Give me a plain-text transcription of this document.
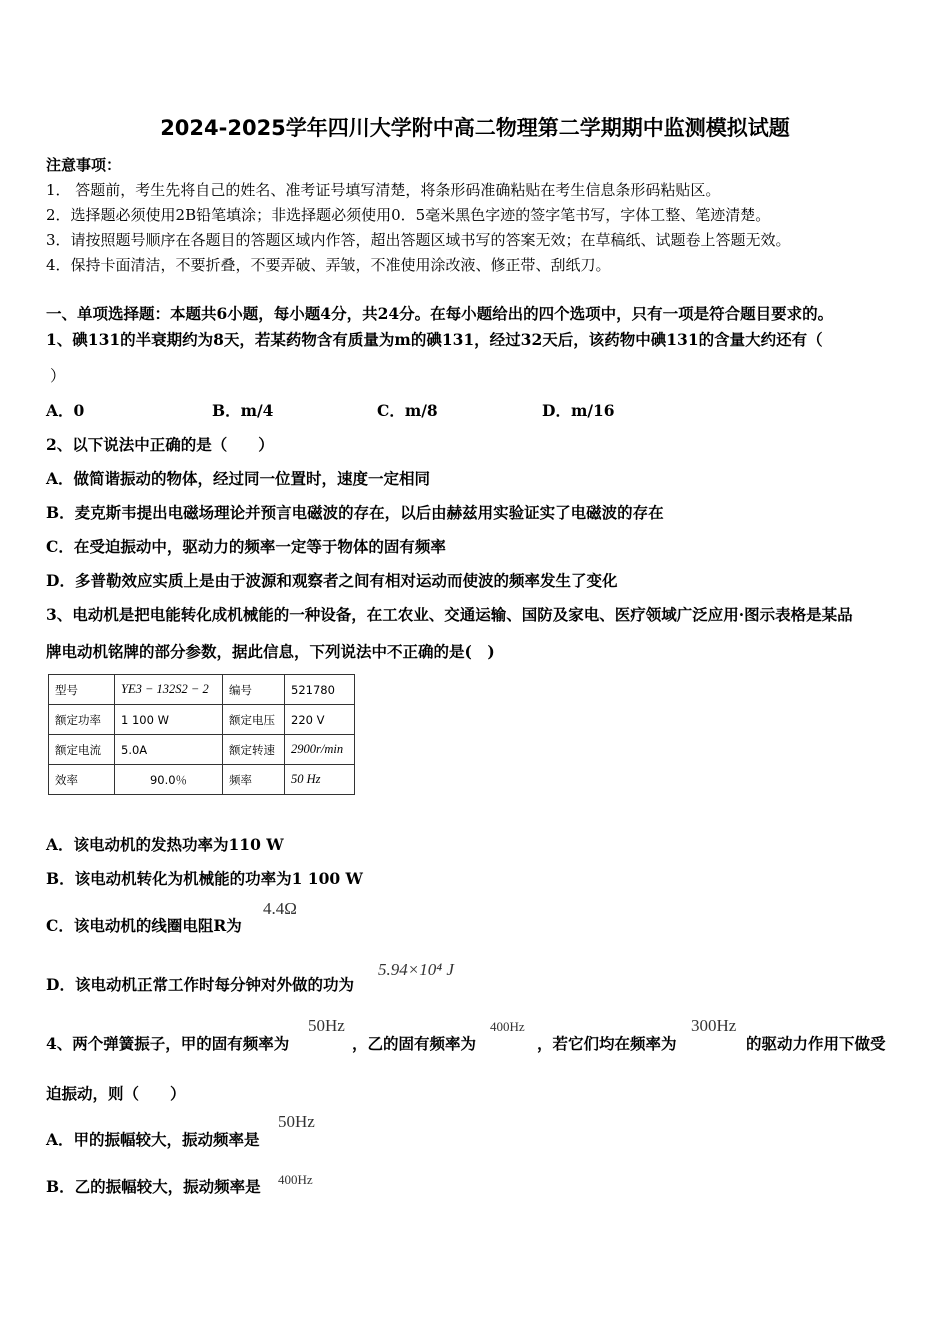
2024-2025学年四川大学附中高二物理第二学期期中监测模拟试题
注意事项：
1． 答题前，考生先将自己的姓名、准考证号填写清楚，将条形码准确粘贴在考生信息条形码粘贴区。
2．选择题必须使用2B铅笔填涂；非选择题必须使用0．5毫米黑色字迹的签字笔书写，字体工整、笔迹清楚。
3．请按照题号顺序在各题目的答题区域内作答，超出答题区域书写的答案无效；在草稿纸、试题卷上答题无效。
4．保持卡面清洁，不要折叠，不要弄破、弄皱，不准使用涂改液、修正带、刮纸刀。
一、单项选择题：本题共6小题，每小题4分，共24分。在每小题给出的四个选项中，只有一项是符合题目要求的。
1、碘131的半衰期约为8天，若某药物含有质量为m的碘131，经过32天后，该药物中碘131的含量大约还有（
）
A．0	B．m/4	C．m/8	D．m/16
2、以下说法中正确的是（　　）
A．做简谐振动的物体，经过同一位置时，速度一定相同
B．麦克斯韦提出电磁场理论并预言电磁波的存在，以后由赫兹用实验证实了电磁波的存在
C．在受迫振动中，驱动力的频率一定等于物体的固有频率
D．多普勒效应实质上是由于波源和观察者之间有相对运动而使波的频率发生了变化
3、电动机是把电能转化成机械能的一种设备，在工农业、交通运输、国防及家电、医疗领域广泛应用·图示表格是某品
牌电动机铭牌的部分参数，据此信息，下列说法中不正确的是(　)
型号	YE3 − 132S2 − 2	编号	521780
额定功率	1 100 W	额定电压	220 V
额定电流	5.0A	额定转速	2900r/min
效率	90.0％	频率	50 Hz
A．该电动机的发热功率为110 W
B．该电动机转化为机械能的功率为1 100 W
C．该电动机的线圈电阻R为
4.4Ω
D．该电动机正常工作时每分钟对外做的功为
5.94×10⁴ J
4、两个弹簧振子，甲的固有频率为
50Hz
，乙的固有频率为
400Hz
，若它们均在频率为
300Hz
的驱动力作用下做受
迫振动，则（　　）
A．甲的振幅较大，振动频率是
50Hz
B．乙的振幅较大，振动频率是 400Hz
